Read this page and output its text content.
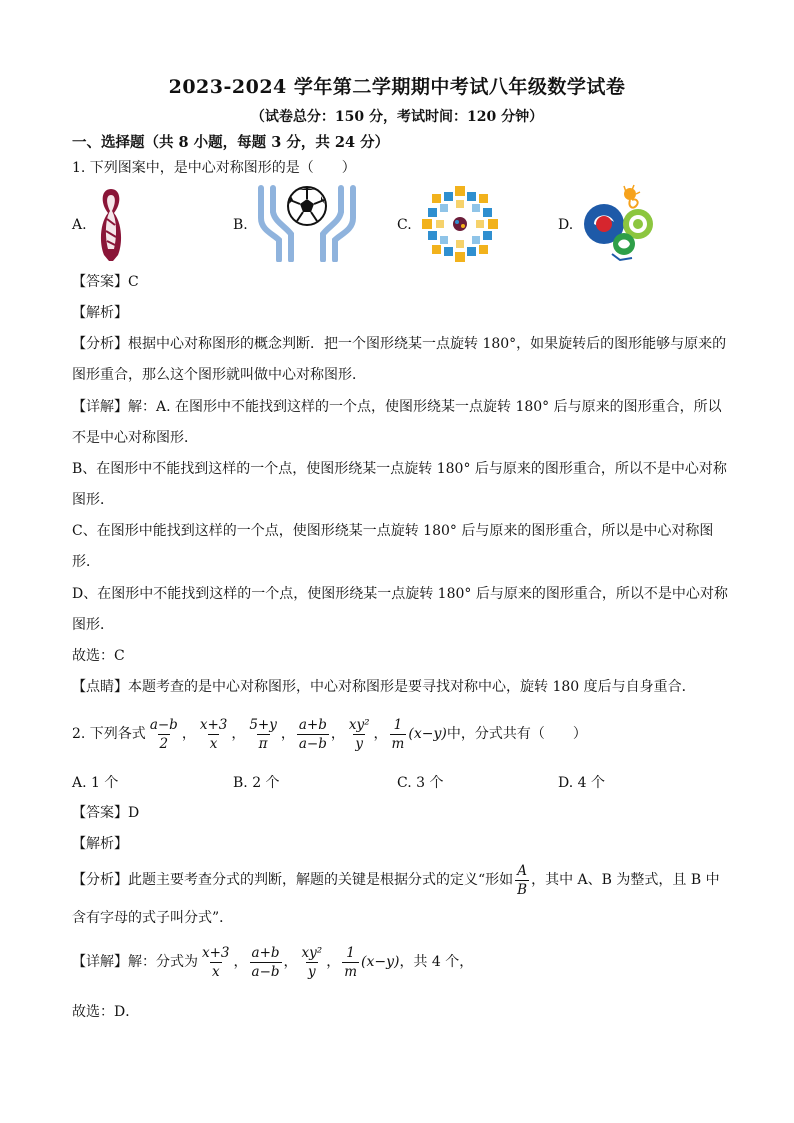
2023-2024 学年第二学期期中考试八年级数学试卷
（试卷总分：150 分，考试时间：120 分钟）
一、选择题（共 8 小题，每题 3 分，共 24 分）
1. 下列图案中，是中心对称图形的是（　　）
A.	B.	C.	D.
【答案】C
【解析】
【分析】根据中心对称图形的概念判断．把一个图形绕某一点旋转 180°，如果旋转后的图形能够与原来的
图形重合，那么这个图形就叫做中心对称图形．
【详解】解：A. 在图形中不能找到这样的一个点，使图形绕某一点旋转 180° 后与原来的图形重合，所以
不是中心对称图形．
B、在图形中不能找到这样的一个点，使图形绕某一点旋转 180° 后与原来的图形重合，所以不是中心对称
图形．
C、在图形中能找到这样的一个点，使图形绕某一点旋转 180° 后与原来的图形重合，所以是中心对称图
形．
D、在图形中不能找到这样的一个点，使图形绕某一点旋转 180° 后与原来的图形重合，所以不是中心对称
图形．
故选：C
【点睛】本题考查的是中心对称图形，中心对称图形是要寻找对称中心，旋转 180 度后与自身重合．
2. 下列各式 $\frac{a-b}{2}$ ， $\frac{x+3}{x}$ ， $\frac{5+y}{\pi}$ ， $\frac{a+b}{a-b}$ ， $\frac{\text{xy²}}{y}$ ， $\frac{1}{m} (x-y)$中，分式共有（　　）
A. 1 个	B. 2 个	C. 3 个	D. 4 个
【答案】D
【解析】
【分析】此题主要考查分式的判断，解题的关键是根据分式的定义“形如 $\frac{A}{B}$ ，其中 A、B 为整式，且 B 中
含有字母的式子叫分式”．
【详解】解：分式为 $\frac{x+3}{x}$ ， $\frac{a+b}{a-b}$ ， $\frac{\text{xy²}}{y}$ ， $\frac{1}{m} (x-y)$，共 4 个，
故选：D．
